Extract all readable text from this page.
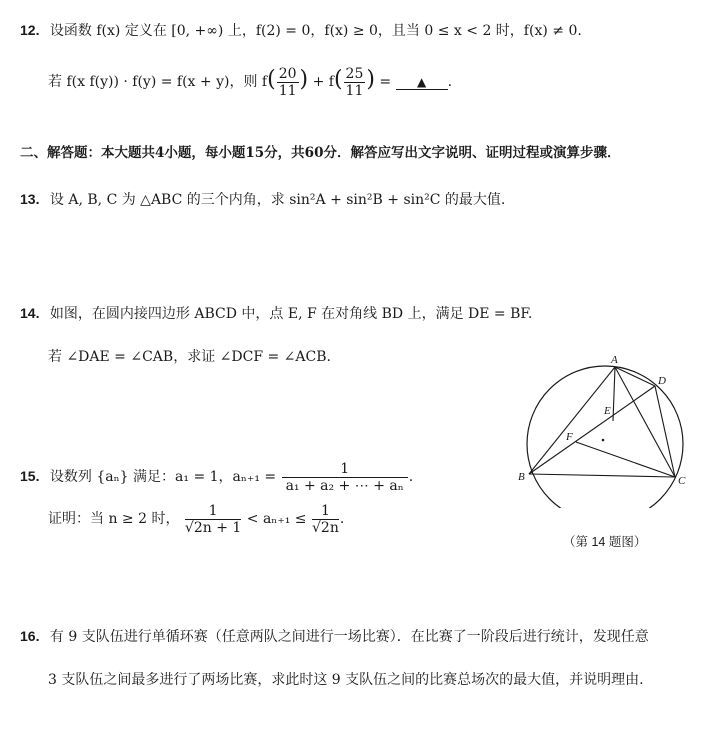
12. 设函数 f(x) 定义在 [0, +∞) 上，f(2) = 0，f(x) ≥ 0，且当 0 ≤ x < 2 时，f(x) ≠ 0.
若 f(x f(y)) · f(y) = f(x + y)，则 $f( \frac{20}{11}$ ) + $f( \frac{25}{11}$ ) = ▲ .
二、解答题：本大题共4小题，每小题15分，共60分．解答应写出文字说明、证明过程或演算步骤．
13. 设 A, B, C 为 △ABC 的三个内角，求 sin²A + sin²B + sin²C 的最大值.
14. 如图，在圆内接四边形 ABCD 中，点 E, F 在对角线 BD 上，满足 DE = BF.
若 ∠DAE = ∠CAB，求证 ∠DCF = ∠ACB.	A
D
E
F
B	C
（第 14 题图）
15. 设数列 {aₙ} 满足：a₁ = 1，$a_{n+1} = \frac{1}{\text{a₁ + a₂ + ⋯ + aₙ}}$ .
证明：当 n ≥ 2 时， $\frac{1}{√2n + 1} < a_{n+1} \le \frac{1}{√2n}$ .
16. 有 9 支队伍进行单循环赛（任意两队之间进行一场比赛）．在比赛了一阶段后进行统计，发现任意
3 支队伍之间最多进行了两场比赛，求此时这 9 支队伍之间的比赛总场次的最大值，并说明理由.
